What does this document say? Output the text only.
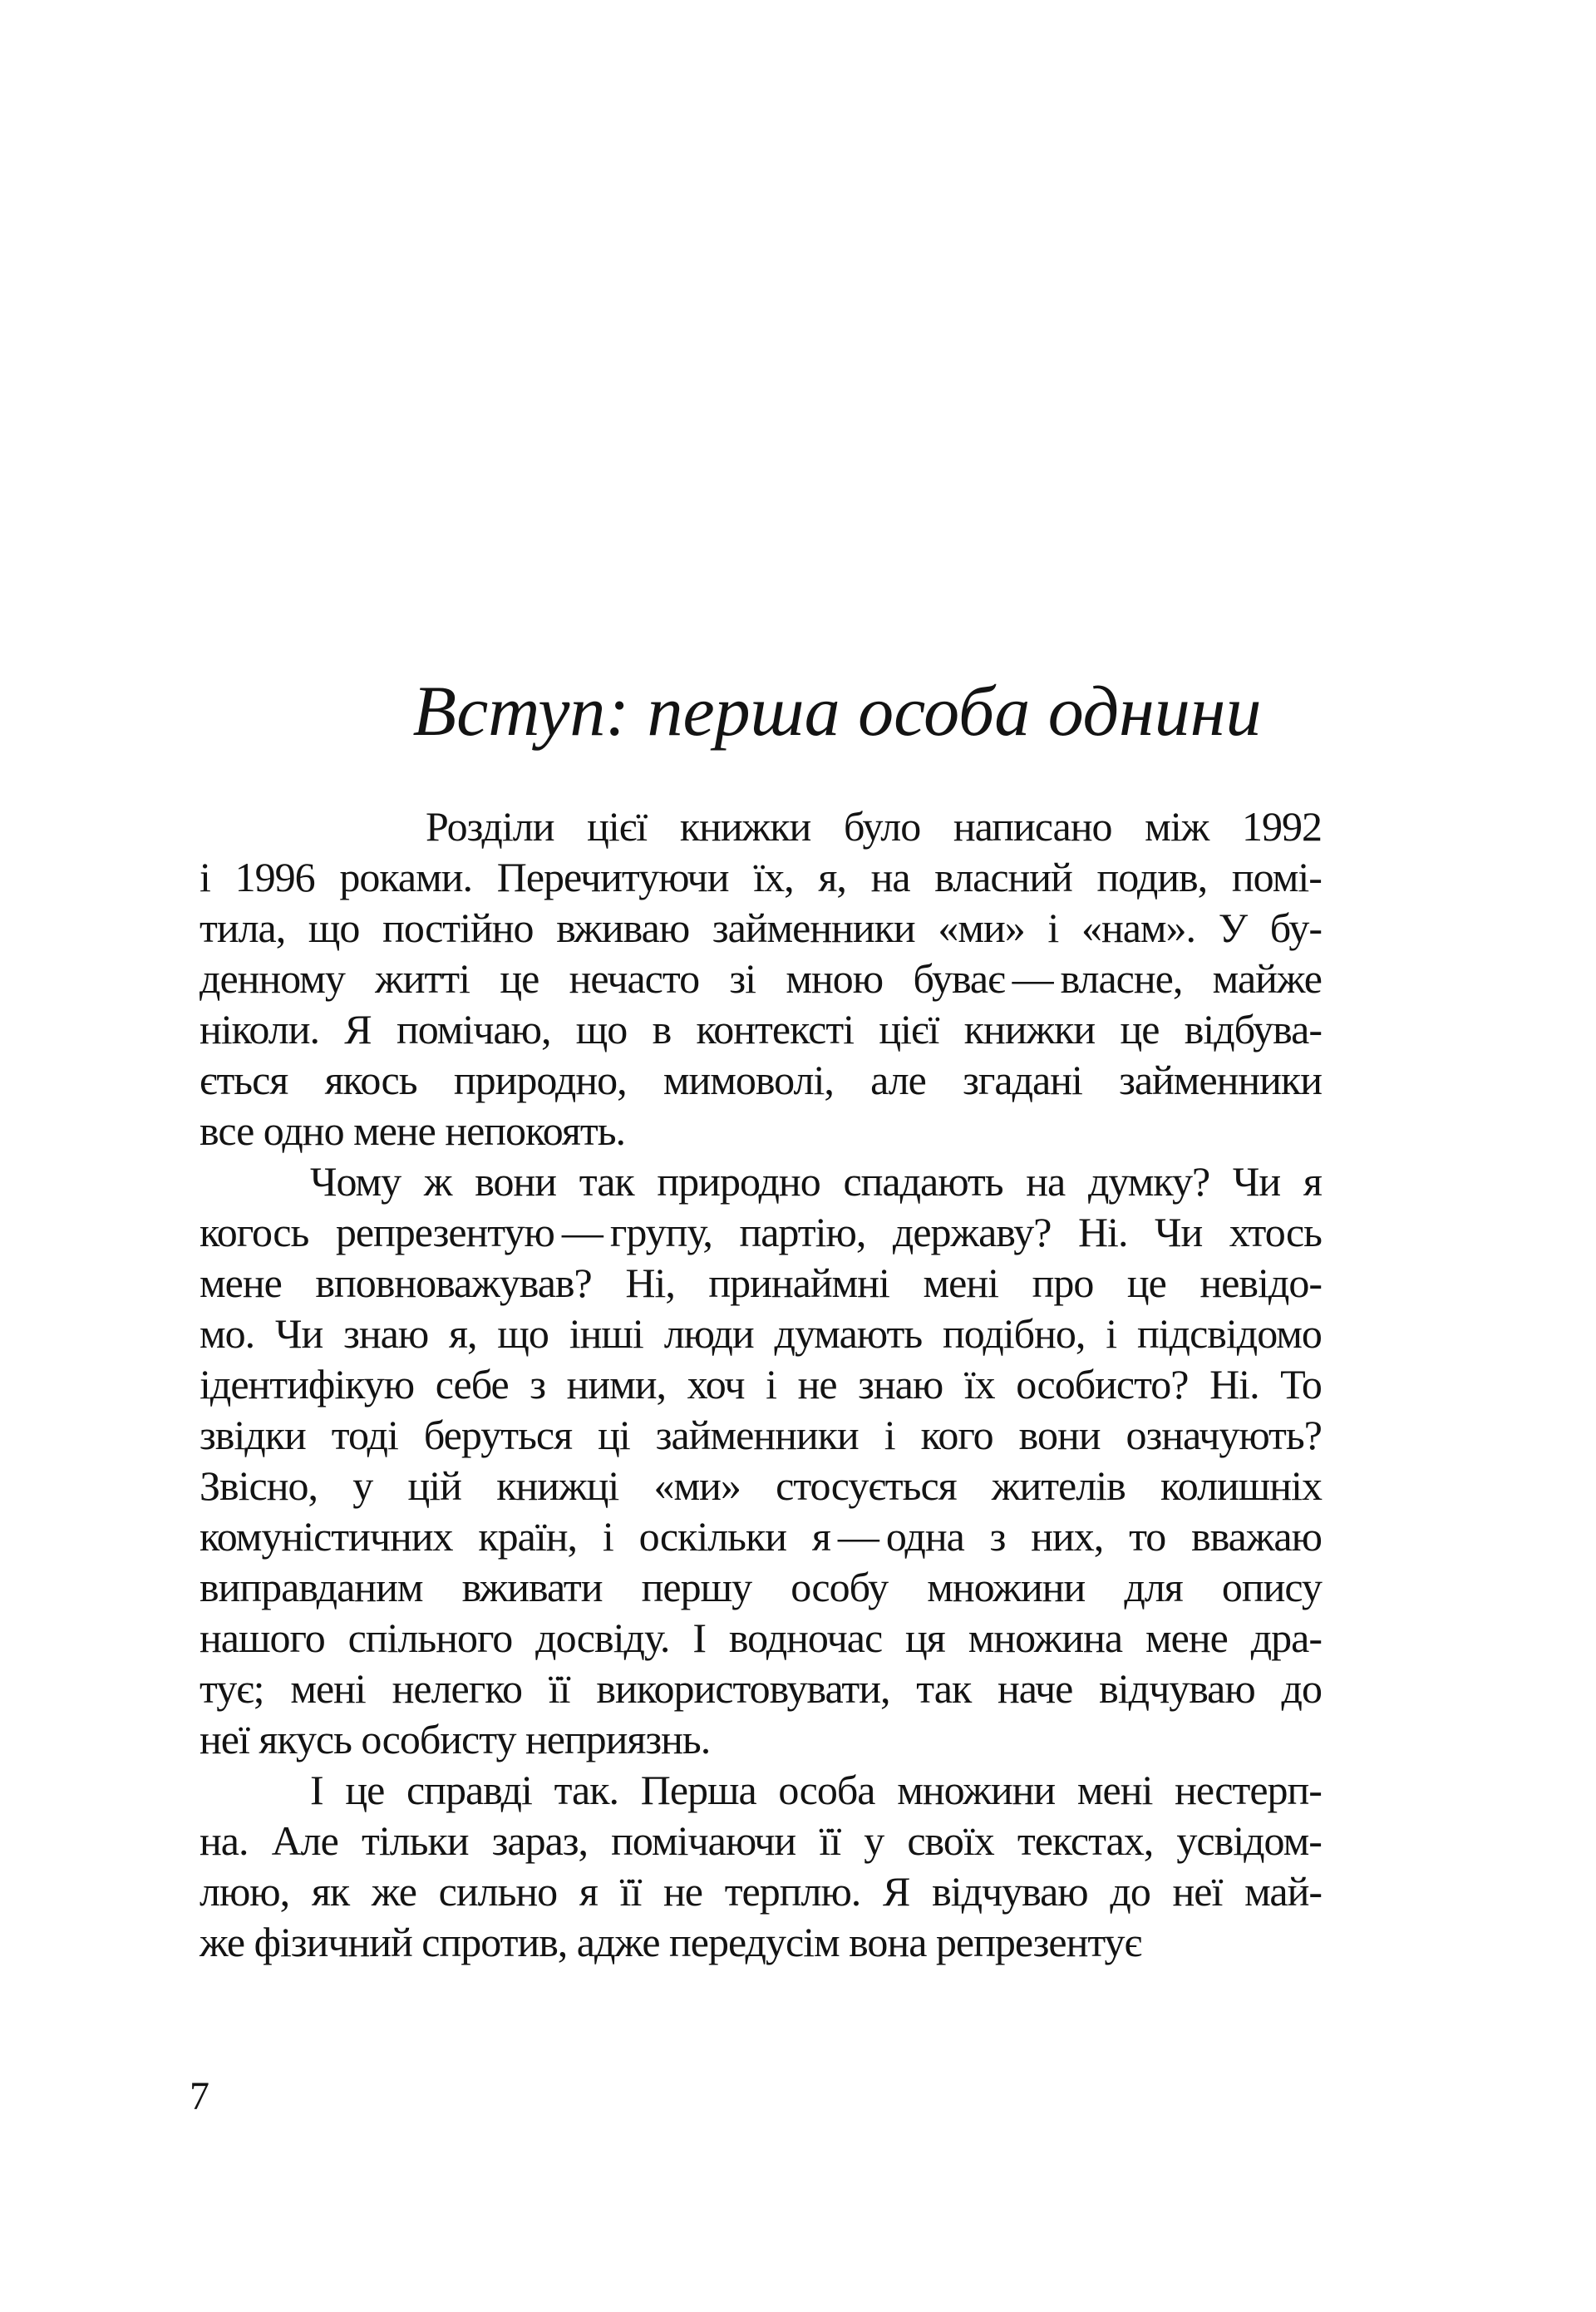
Вступ: перша особа однини
Розділи цієї книжки було написано між 1992
і 1996 роками. Перечитуючи їх, я, на власний подив, помі-
тила, що постійно вживаю займенники «ми» і «нам». У бу-
денному житті це нечасто зі мною буває — власне, майже
ніколи. Я помічаю, що в контексті цієї книжки це відбува-
ється якось природно, мимоволі, але згадані займенники
все одно мене непокоять.
Чому ж вони так природно спадають на думку? Чи я
когось репрезентую — групу, партію, державу? Ні. Чи хтось
мене вповноважував? Ні, принаймні мені про це невідо-
мо. Чи знаю я, що інші люди думають подібно, і підсвідомо
ідентифікую себе з ними, хоч і не знаю їх особисто? Ні. То
звідки тоді беруться ці займенники і кого вони означують?
Звісно, у цій книжці «ми» стосується жителів колишніх
комуністичних країн, і оскільки я — одна з них, то вважаю
виправданим вживати першу особу множини для опису
нашого спільного досвіду. І водночас ця множина мене дра-
тує; мені нелегко її використовувати, так наче відчуваю до
неї якусь особисту неприязнь.
І це справді так. Перша особа множини мені нестерп-
на. Але тільки зараз, помічаючи її у своїх текстах, усвідом-
люю, як же сильно я її не терплю. Я відчуваю до неї май-
же фізичний спротив, адже передусім вона репрезентує
7
